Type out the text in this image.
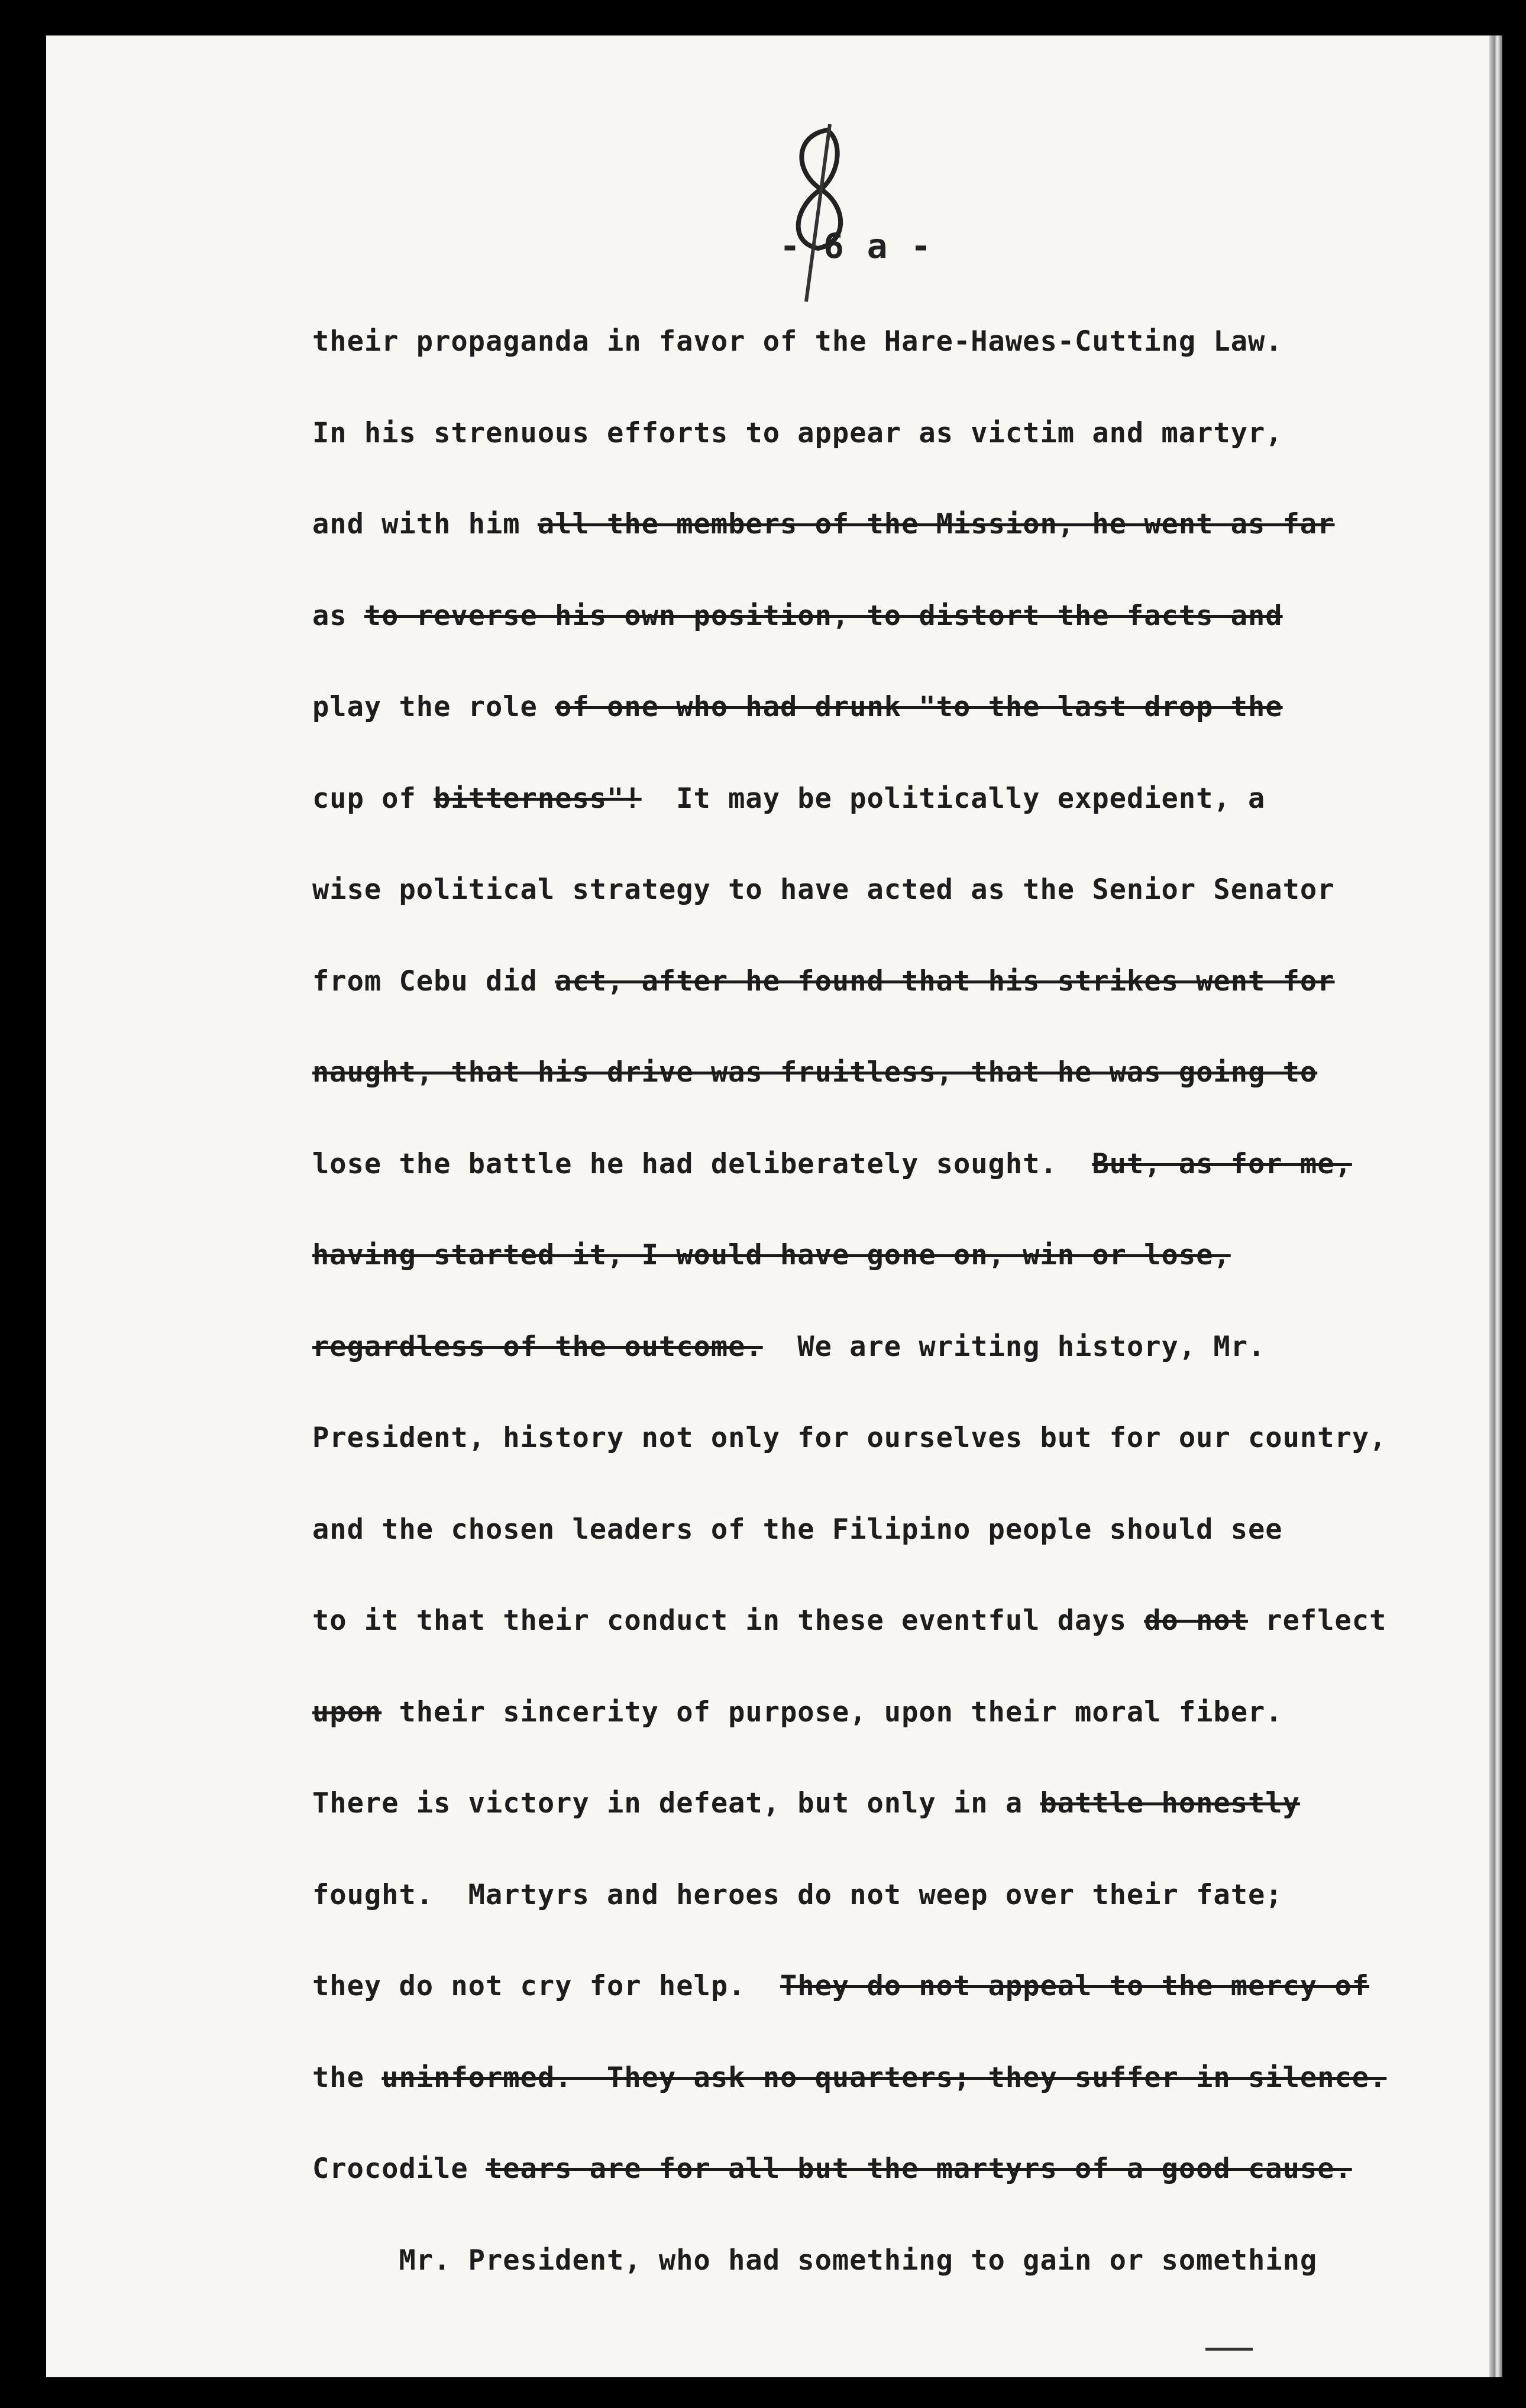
- 6 a -
their propaganda in favor of the Hare-Hawes-Cutting Law.
In his strenuous efforts to appear as victim and martyr,
and with him all the members of the Mission, he went as far
as to reverse his own position, to distort the facts and
play the role of one who had drunk "to the last drop the
cup of bitterness"!  It may be politically expedient, a
wise political strategy to have acted as the Senior Senator
from Cebu did act, after he found that his strikes went for
naught, that his drive was fruitless, that he was going to
lose the battle he had deliberately sought.  But, as for me,
having started it, I would have gone on, win or lose,
regardless of the outcome.  We are writing history, Mr.
President, history not only for ourselves but for our country,
and the chosen leaders of the Filipino people should see
to it that their conduct in these eventful days do not reflect
upon their sincerity of purpose, upon their moral fiber.
There is victory in defeat, but only in a battle honestly
fought.  Martyrs and heroes do not weep over their fate;
they do not cry for help.  They do not appeal to the mercy of
the uninformed.  They ask no quarters; they suffer in silence.
Crocodile tears are for all but the martyrs of a good cause.
Mr. President, who had something to gain or something
